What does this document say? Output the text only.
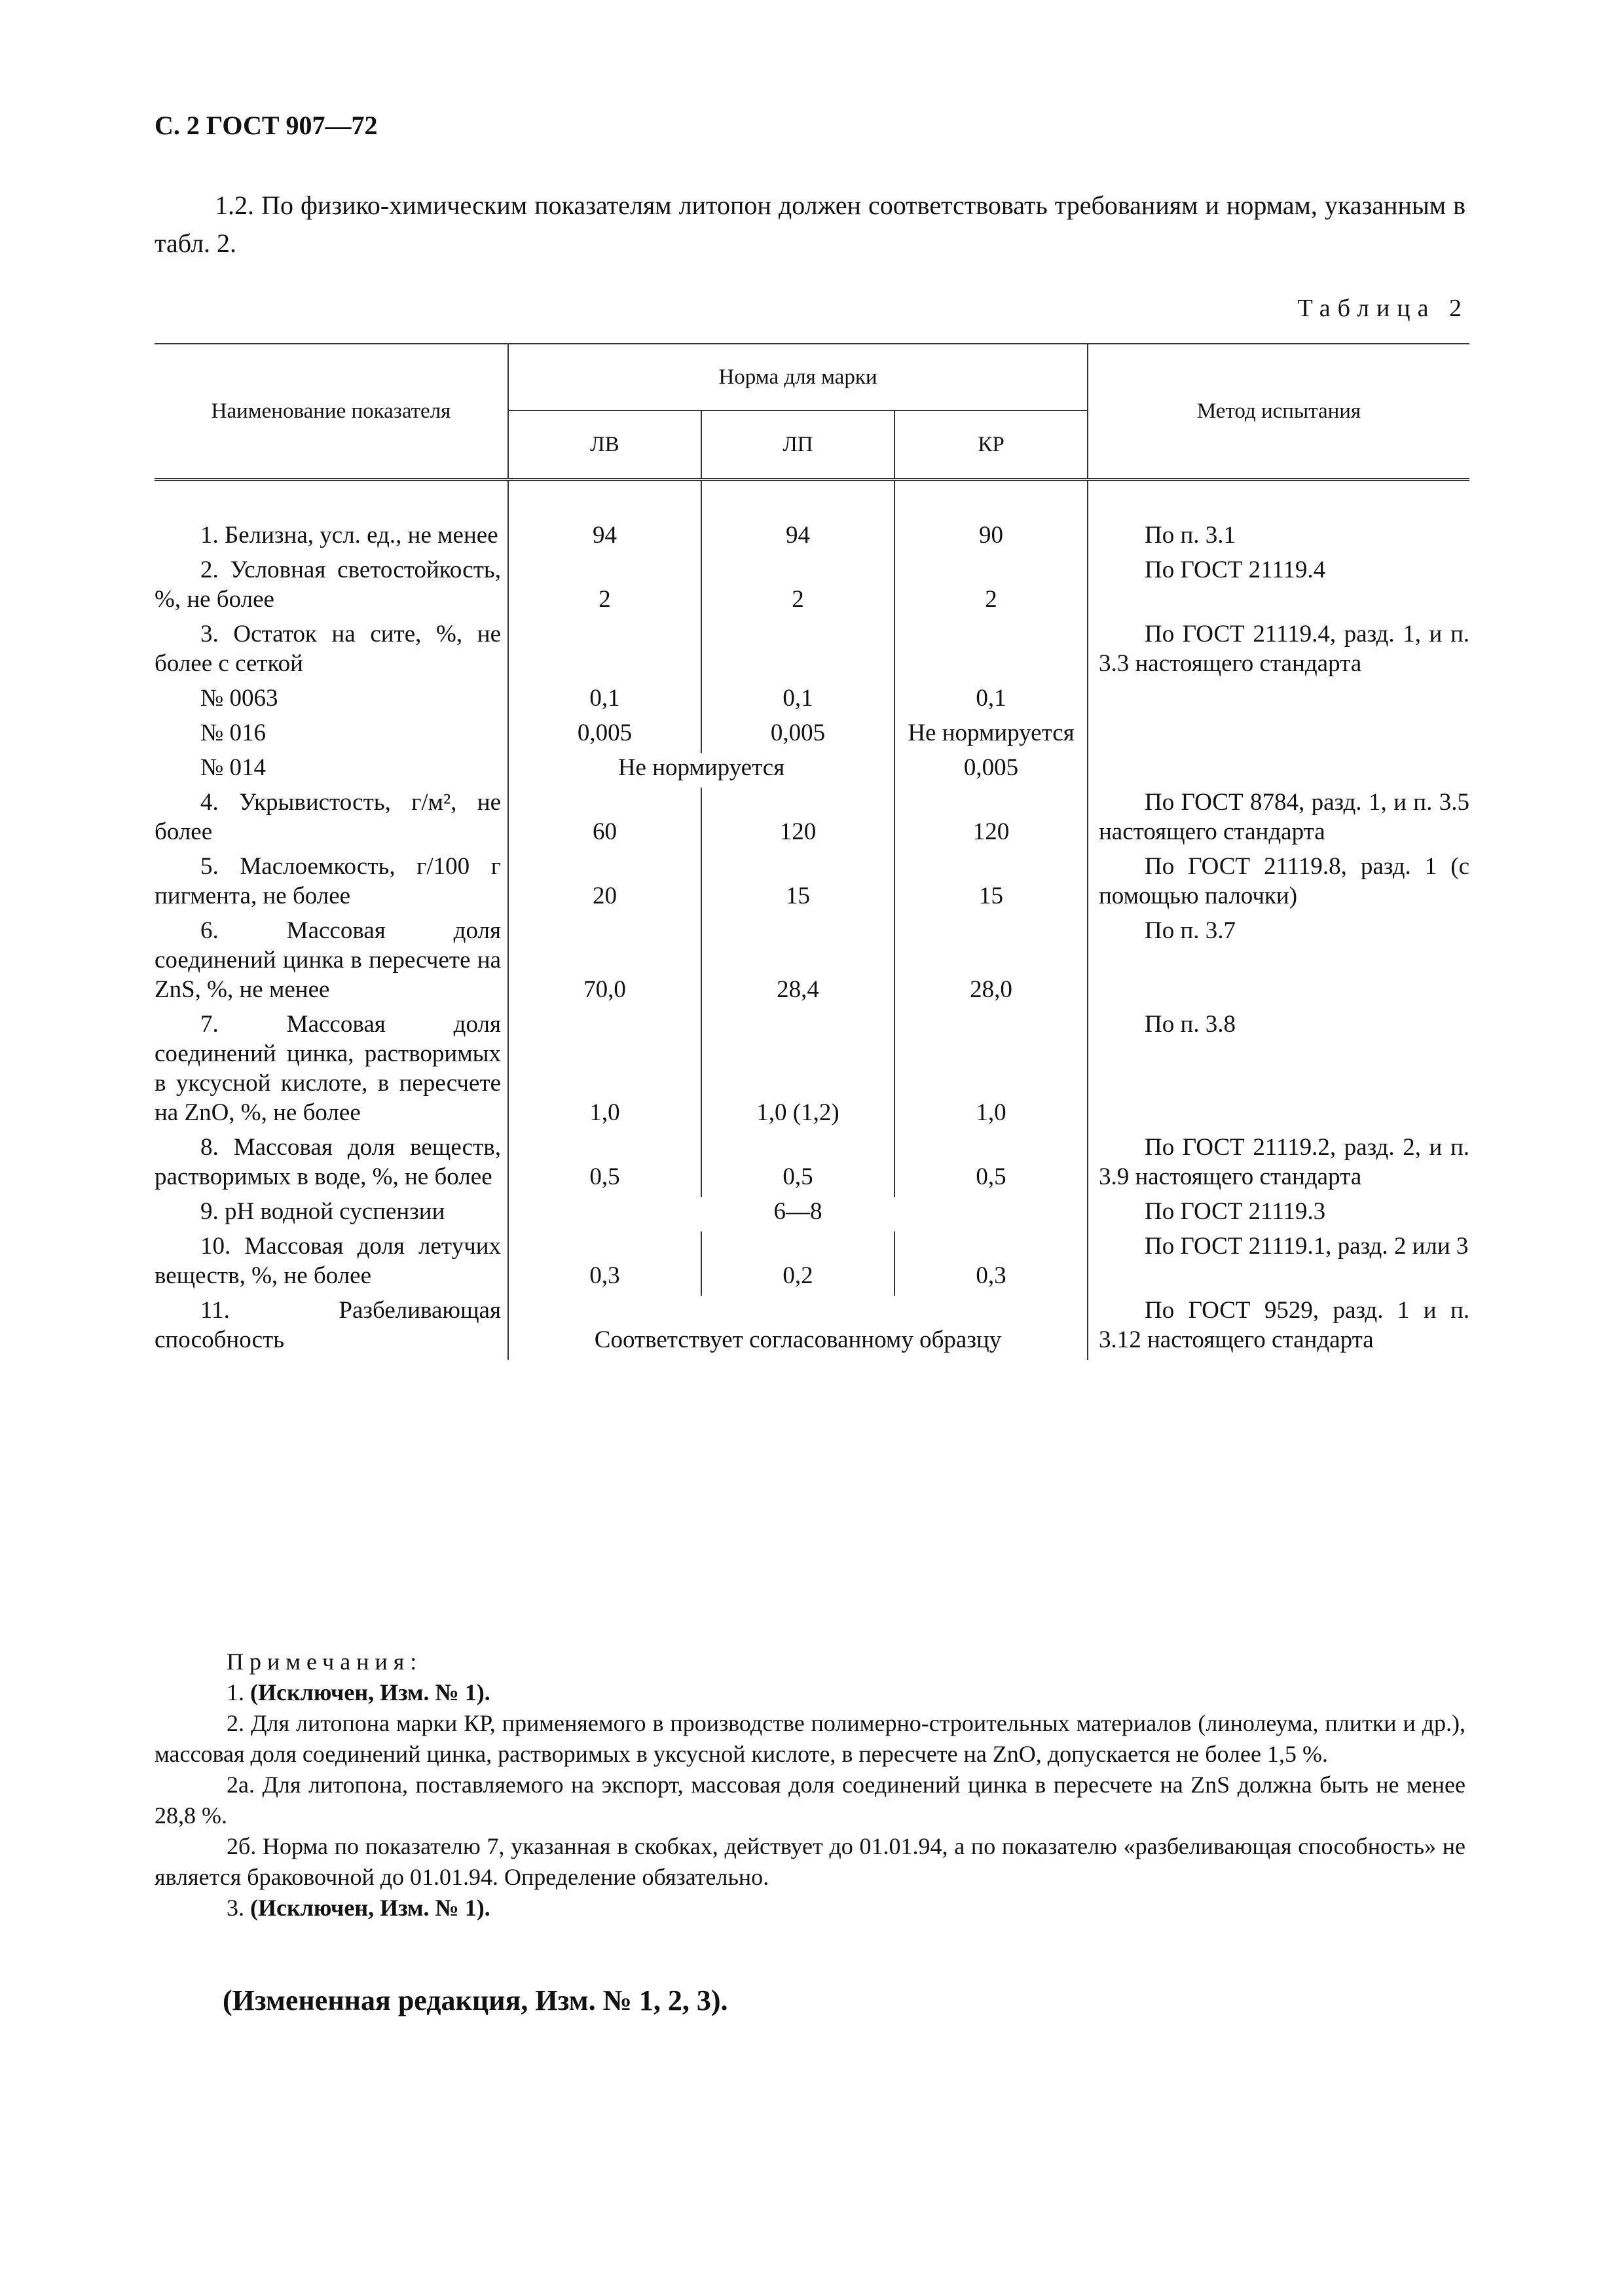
С. 2 ГОСТ 907—72
1.2. По физико-химическим показателям литопон должен соответствовать требованиям и нормам, указанным в табл. 2.
Таблица 2
Наименование показателя	Норма для марки			Метод испытания
	ЛВ	ЛП	КР	

1. Белизна, усл. ед., не менее	94	94	90	По п. 3.1

2. Условная светостойкость, %, не более	2	2	2	По ГОСТ 21119.4

3. Остаток на сите, %, не более с сеткой				По ГОСТ 21119.4, разд. 1, и п. 3.3 настоящего стандарта

№ 0063	0,1	0,1	0,1	

№ 016	0,005	0,005	Не нормируется	

№ 014	Не нормируется		0,005	

4. Укрывистость, г/м², не более	60	120	120	По ГОСТ 8784, разд. 1, и п. 3.5 настоящего стандарта

5. Маслоемкость, г/100 г пигмента, не более	20	15	15	По ГОСТ 21119.8, разд. 1 (с помощью палочки)

6. Массовая доля соединений цинка в пересчете на ZnS, %, не менее	70,0	28,4	28,0	По п. 3.7

7. Массовая доля соединений цинка, растворимых в уксусной кислоте, в пересчете на ZnO, %, не более	1,0	1,0 (1,2)	1,0	По п. 3.8

8. Массовая доля веществ, растворимых в воде, %, не более	0,5	0,5	0,5	По ГОСТ 21119.2, разд. 2, и п. 3.9 настоящего стандарта

9. рН водной суспензии	6—8			По ГОСТ 21119.3

10. Массовая доля летучих веществ, %, не более	0,3	0,2	0,3	По ГОСТ 21119.1, разд. 2 или 3

11. Разбеливающая способность	Соответствует согласованному образцу			По ГОСТ 9529, разд. 1 и п. 3.12 настоящего стандарта

Примечания:

1. (Исключен, Изм. № 1).

2. Для литопона марки КР, применяемого в производстве полимерно-строительных материалов (линолеума, плитки и др.), массовая доля соединений цинка, растворимых в уксусной кислоте, в пересчете на ZnO, допускается не более 1,5 %.

2а. Для литопона, поставляемого на экспорт, массовая доля соединений цинка в пересчете на ZnS должна быть не менее 28,8 %.

2б. Норма по показателю 7, указанная в скобках, действует до 01.01.94, а по показателю «разбеливающая способность» не является браковочной до 01.01.94. Определение обязательно.

3. (Исключен, Изм. № 1).

(Измененная редакция, Изм. № 1, 2, 3).
